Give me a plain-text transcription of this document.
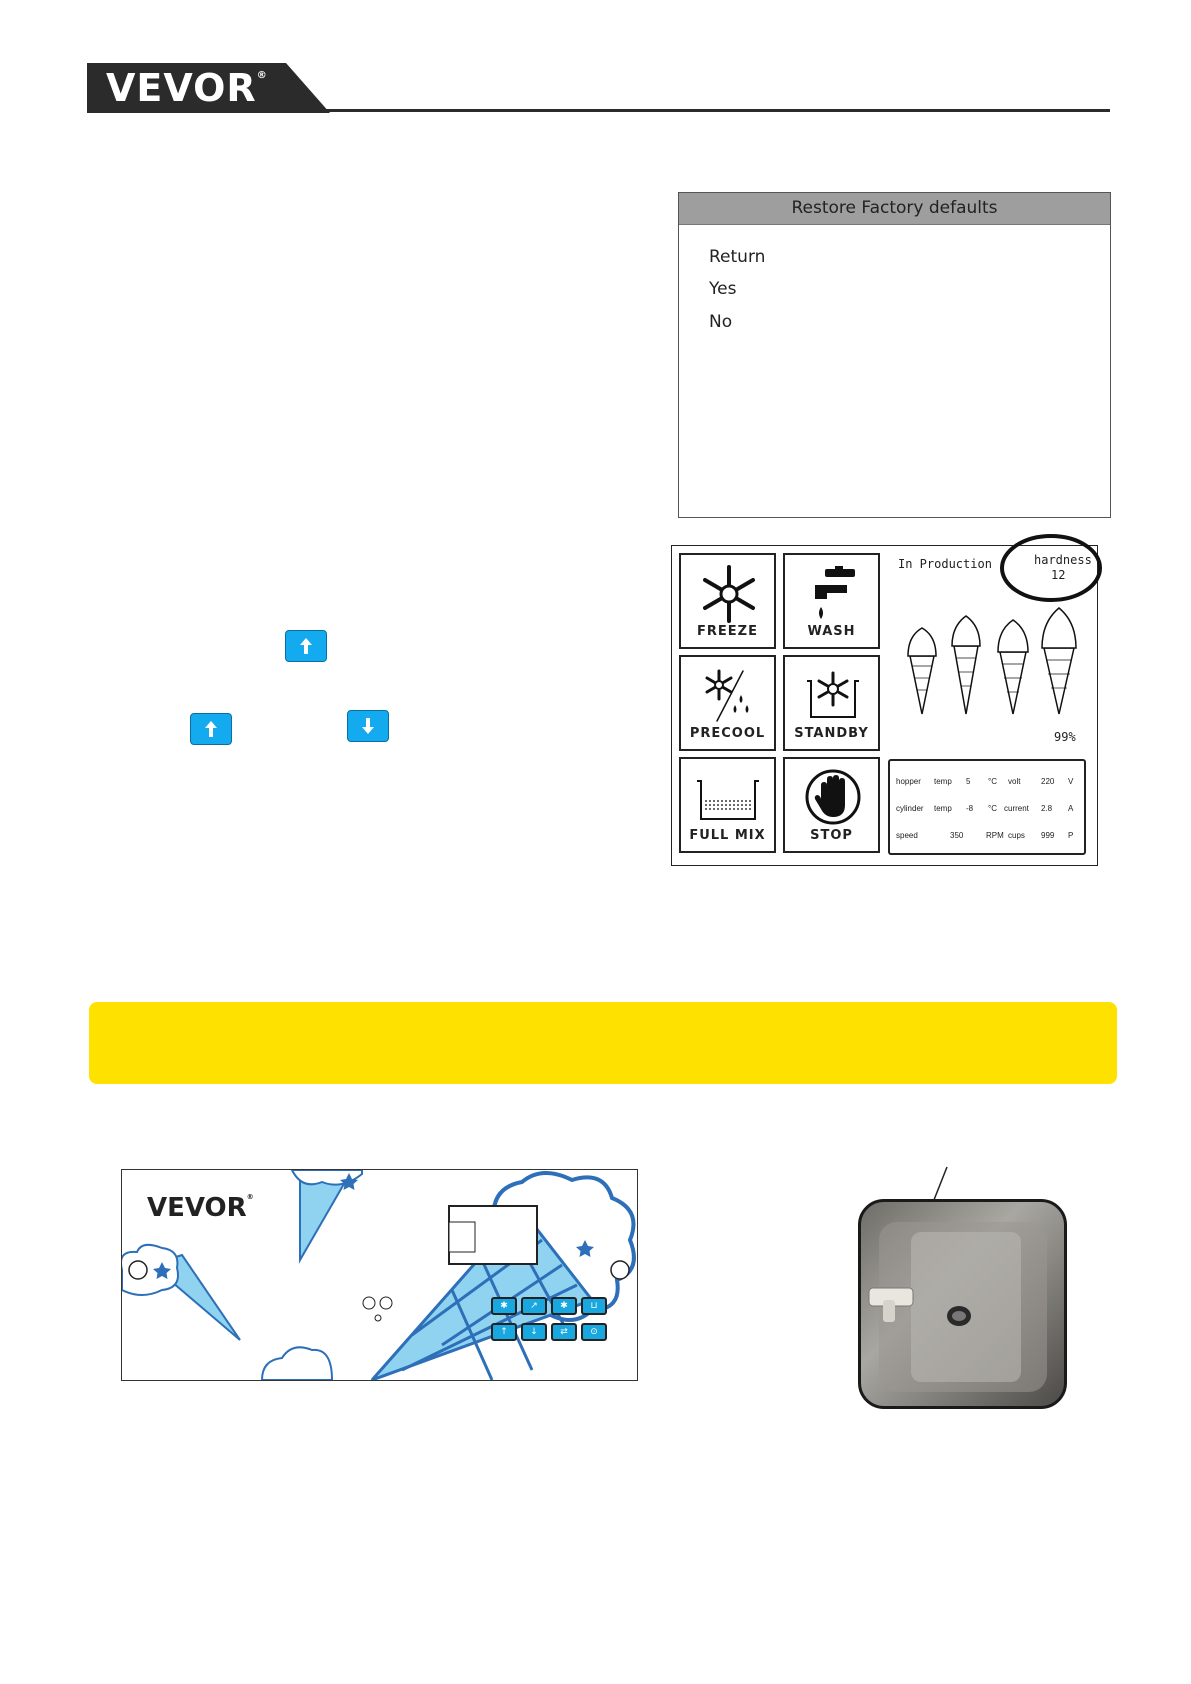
VEVOR®
Restore Factory defaults
Return
Yes
No
FREEZE	WASH
PRECOOL	STANDBY
FULL MIX	STOP
In Production	hardness
12
99%
hopper temp 5 °C volt	220 V
cylinder temp -8 °C current 2.8 A
speed	350	RPM cups 999 P
VEVOR®
✱	↗	✱	⊔
↑	↓	⇄	⊙
